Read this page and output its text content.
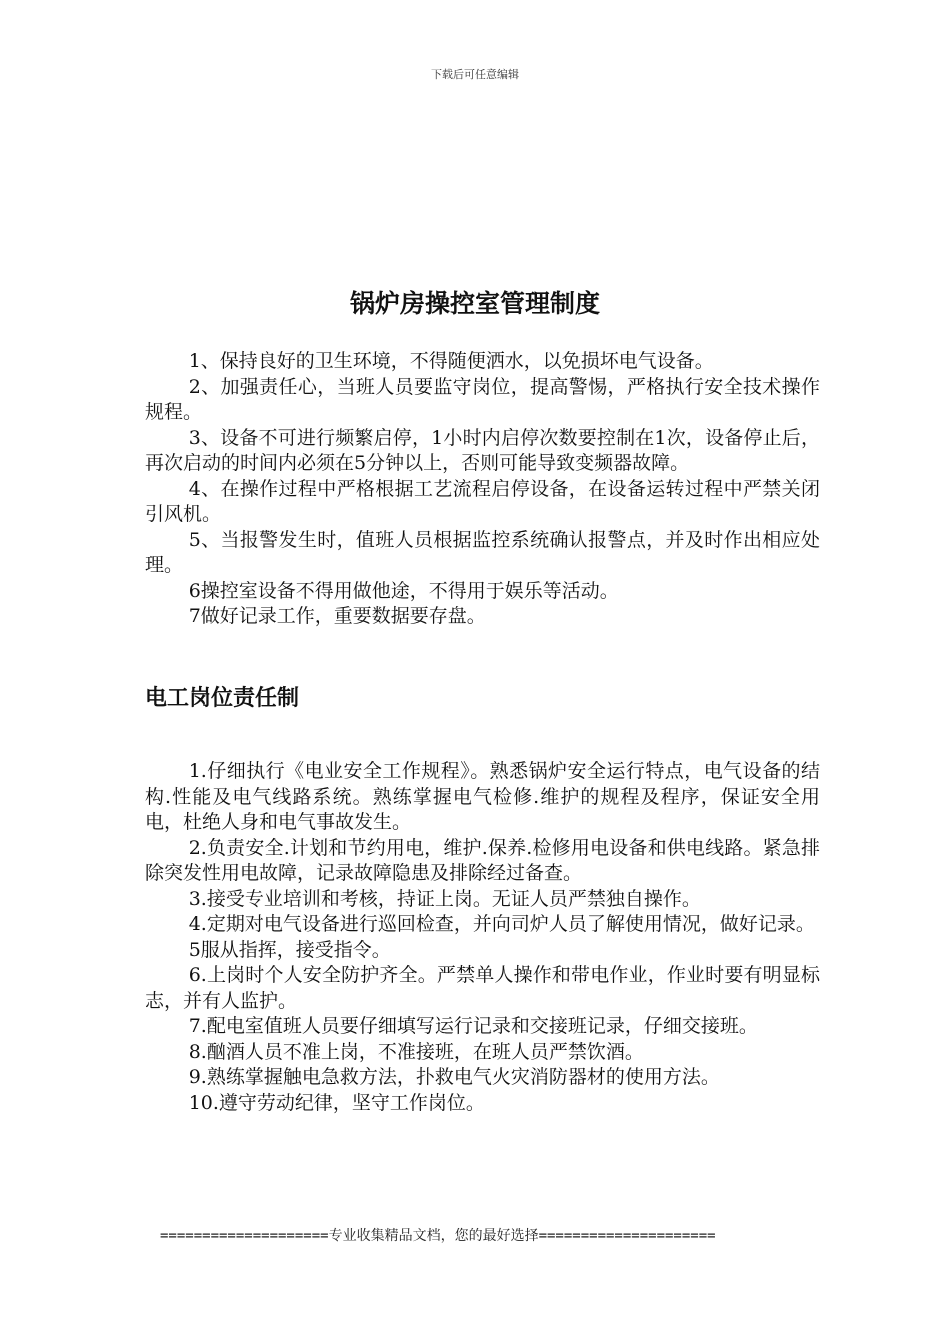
下载后可任意编辑
锅炉房操控室管理制度
1、保持良好的卫生环境，不得随便洒水，以免损坏电气设备。
2、加强责任心，当班人员要监守岗位，提高警惕，严格执行安全技术操作规程。
3、设备不可进行频繁启停，1小时内启停次数要控制在1次，设备停止后，再次启动的时间内必须在5分钟以上，否则可能导致变频器故障。
4、在操作过程中严格根据工艺流程启停设备，在设备运转过程中严禁关闭引风机。
5、当报警发生时，值班人员根据监控系统确认报警点，并及时作出相应处理。
6操控室设备不得用做他途，不得用于娱乐等活动。
7做好记录工作，重要数据要存盘。
电工岗位责任制
1.仔细执行《电业安全工作规程》。熟悉锅炉安全运行特点，电气设备的结构.性能及电气线路系统。熟练掌握电气检修.维护的规程及程序，保证安全用电，杜绝人身和电气事故发生。
2.负责安全.计划和节约用电，维护.保养.检修用电设备和供电线路。紧急排除突发性用电故障，记录故障隐患及排除经过备查。
3.接受专业培训和考核，持证上岗。无证人员严禁独自操作。
4.定期对电气设备进行巡回检查，并向司炉人员了解使用情况，做好记录。
5服从指挥，接受指令。
6.上岗时个人安全防护齐全。严禁单人操作和带电作业，作业时要有明显标志，并有人监护。
7.配电室值班人员要仔细填写运行记录和交接班记录，仔细交接班。
8.酗酒人员不准上岗，不准接班，在班人员严禁饮酒。
9.熟练掌握触电急救方法，扑救电气火灾消防器材的使用方法。
10.遵守劳动纪律，坚守工作岗位。
====================专业收集精品文档，您的最好选择=====================
